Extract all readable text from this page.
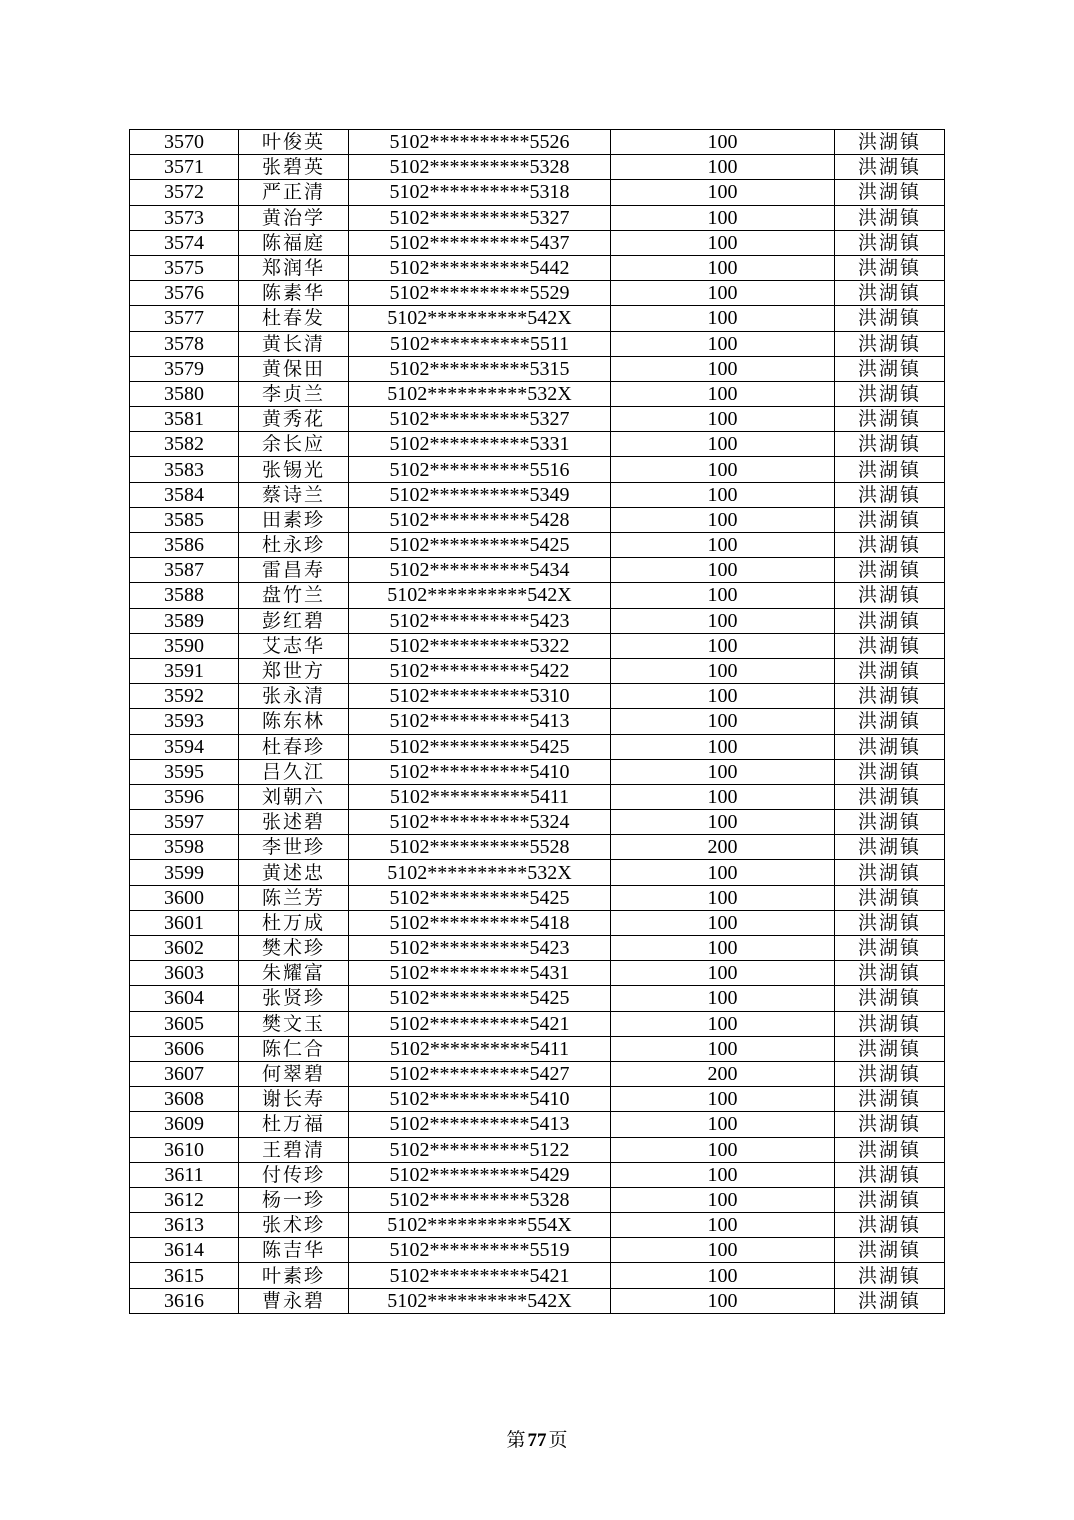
3570	叶俊英	5102**********5526	100	洪湖镇
3571	张碧英	5102**********5328	100	洪湖镇
3572	严正清	5102**********5318	100	洪湖镇
3573	黄治学	5102**********5327	100	洪湖镇
3574	陈福庭	5102**********5437	100	洪湖镇
3575	郑润华	5102**********5442	100	洪湖镇
3576	陈素华	5102**********5529	100	洪湖镇
3577	杜春发	5102**********542X	100	洪湖镇
3578	黄长清	5102**********5511	100	洪湖镇
3579	黄保田	5102**********5315	100	洪湖镇
3580	李贞兰	5102**********532X	100	洪湖镇
3581	黄秀花	5102**********5327	100	洪湖镇
3582	余长应	5102**********5331	100	洪湖镇
3583	张锡光	5102**********5516	100	洪湖镇
3584	蔡诗兰	5102**********5349	100	洪湖镇
3585	田素珍	5102**********5428	100	洪湖镇
3586	杜永珍	5102**********5425	100	洪湖镇
3587	雷昌寿	5102**********5434	100	洪湖镇
3588	盘竹兰	5102**********542X	100	洪湖镇
3589	彭红碧	5102**********5423	100	洪湖镇
3590	艾志华	5102**********5322	100	洪湖镇
3591	郑世方	5102**********5422	100	洪湖镇
3592	张永清	5102**********5310	100	洪湖镇
3593	陈东林	5102**********5413	100	洪湖镇
3594	杜春珍	5102**********5425	100	洪湖镇
3595	吕久江	5102**********5410	100	洪湖镇
3596	刘朝六	5102**********5411	100	洪湖镇
3597	张述碧	5102**********5324	100	洪湖镇
3598	李世珍	5102**********5528	200	洪湖镇
3599	黄述忠	5102**********532X	100	洪湖镇
3600	陈兰芳	5102**********5425	100	洪湖镇
3601	杜万成	5102**********5418	100	洪湖镇
3602	樊术珍	5102**********5423	100	洪湖镇
3603	朱耀富	5102**********5431	100	洪湖镇
3604	张贤珍	5102**********5425	100	洪湖镇
3605	樊文玉	5102**********5421	100	洪湖镇
3606	陈仁合	5102**********5411	100	洪湖镇
3607	何翠碧	5102**********5427	200	洪湖镇
3608	谢长寿	5102**********5410	100	洪湖镇
3609	杜万福	5102**********5413	100	洪湖镇
3610	王碧清	5102**********5122	100	洪湖镇
3611	付传珍	5102**********5429	100	洪湖镇
3612	杨一珍	5102**********5328	100	洪湖镇
3613	张术珍	5102**********554X	100	洪湖镇
3614	陈吉华	5102**********5519	100	洪湖镇
3615	叶素珍	5102**********5421	100	洪湖镇
3616	曹永碧	5102**********542X	100	洪湖镇
第 77 页
